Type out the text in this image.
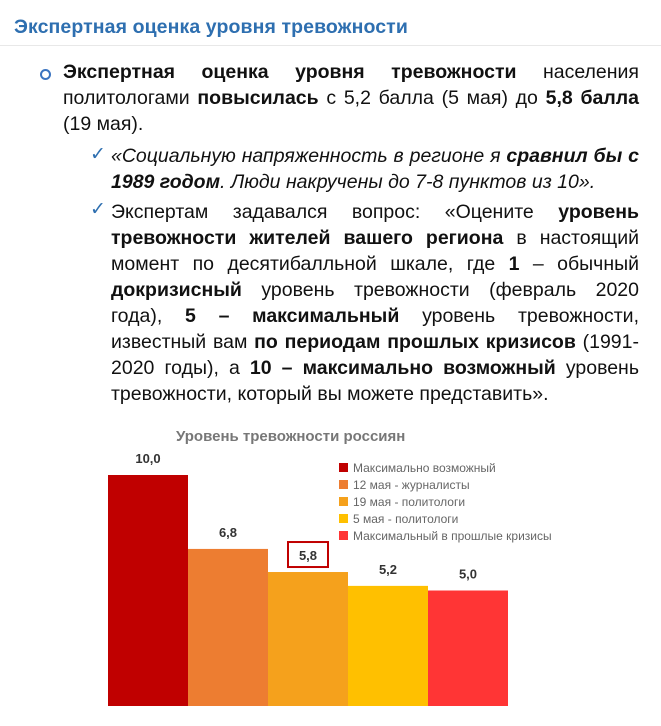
Экспертная оценка уровня тревожности
Экспертная оценка уровня тревожности населения политологами повысилась с 5,2 балла (5 мая) до 5,8 балла (19 мая).
✓ «Социальную напряженность в регионе я сравнил бы с 1989 годом. Люди накручены до 7-8 пунктов из 10».
✓ Экспертам задавался вопрос: «Оцените уровень тревожности жителей вашего региона в настоящий момент по десятибалльной шкале, где 1 – обычный докризисный уровень тревожности (февраль 2020 года), 5 – максимальный уровень тревожности, известный вам по периодам прошлых кризисов (1991-2020 годы), а 10 – максимально возможный уровень тревожности, который вы можете представить».
Уровень тревожности россиян
10,0
6,8
5,8
5,2	5,0
Максимально возможный
12 мая - журналисты
19 мая - политологи
5 мая - политологи
Максимальный в прошлые кризисы
